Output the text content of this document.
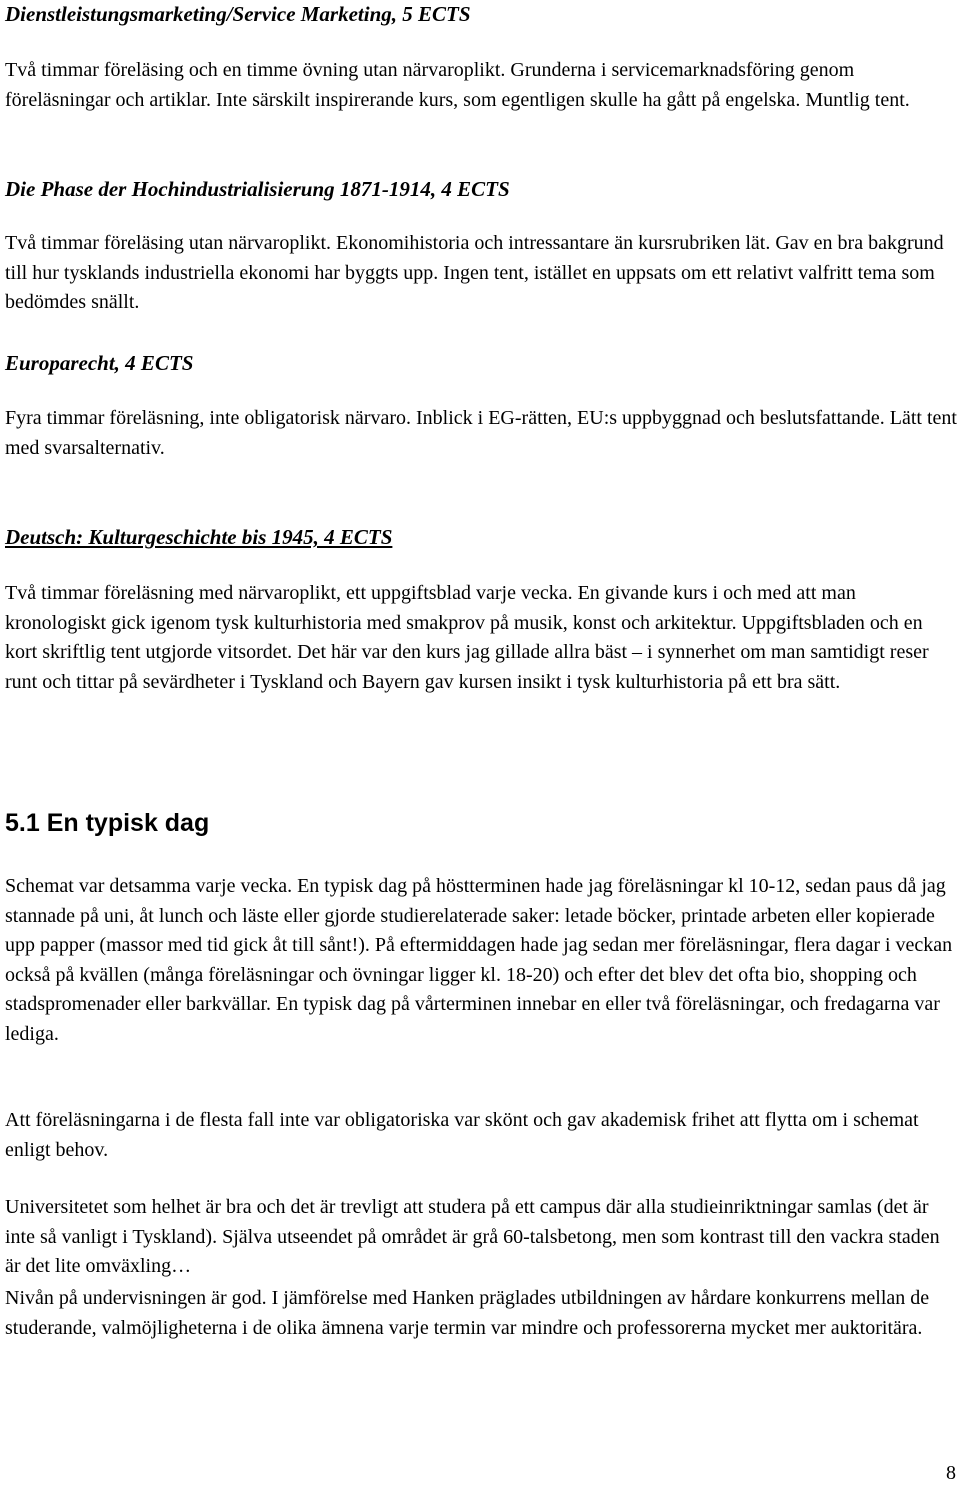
Dienstleistungsmarketing/Service Marketing, 5 ECTS

Två timmar föreläsing och en timme övning utan närvaroplikt. Grunderna i servicemarknadsföring genom föreläsningar och artiklar. Inte särskilt inspirerande kurs, som egentligen skulle ha gått på engelska. Muntlig tent.

Die Phase der Hochindustrialisierung 1871-1914, 4 ECTS

Två timmar föreläsing utan närvaroplikt. Ekonomihistoria och intressantare än kursrubriken lät. Gav en bra bakgrund till hur tysklands industriella ekonomi har byggts upp. Ingen tent, istället en uppsats om ett relativt valfritt tema som bedömdes snällt.

Europarecht, 4 ECTS

Fyra timmar föreläsning, inte obligatorisk närvaro. Inblick i EG-rätten, EU:s uppbyggnad och beslutsfattande. Lätt tent med svarsalternativ.

Deutsch: Kulturgeschichte bis 1945, 4 ECTS

Två timmar föreläsning med närvaroplikt, ett uppgiftsblad varje vecka. En givande kurs i och med att man kronologiskt gick igenom tysk kulturhistoria med smakprov på musik, konst och arkitektur. Uppgiftsbladen och en kort skriftlig tent utgjorde vitsordet. Det här var den kurs jag gillade allra bäst – i synnerhet om man samtidigt reser runt och tittar på sevärdheter i Tyskland och Bayern gav kursen insikt i tysk kulturhistoria på ett bra sätt.

5.1 En typisk dag

Schemat var detsamma varje vecka. En typisk dag på höstterminen hade jag föreläsningar kl 10-12, sedan paus då jag stannade på uni, åt lunch och läste eller gjorde studierelaterade saker: letade böcker, printade arbeten eller kopierade upp papper (massor med tid gick åt till sånt!). På eftermiddagen hade jag sedan mer föreläsningar, flera dagar i veckan också på kvällen (många föreläsningar och övningar ligger kl. 18-20) och efter det blev det ofta bio, shopping och stadspromenader eller barkvällar. En typisk dag på vårterminen innebar en eller två föreläsningar, och fredagarna var lediga.

Att föreläsningarna i de flesta fall inte var obligatoriska var skönt och gav akademisk frihet att flytta om i schemat enligt behov.

Universitetet som helhet är bra och det är trevligt att studera på ett campus där alla studieinriktningar samlas (det är inte så vanligt i Tyskland). Själva utseendet på området är grå 60-talsbetong, men som kontrast till den vackra staden är det lite omväxling…

Nivån på undervisningen är god. I jämförelse med Hanken präglades utbildningen av hårdare konkurrens mellan de studerande, valmöjligheterna i de olika ämnena varje termin var mindre och professorerna mycket mer auktoritära.

8
